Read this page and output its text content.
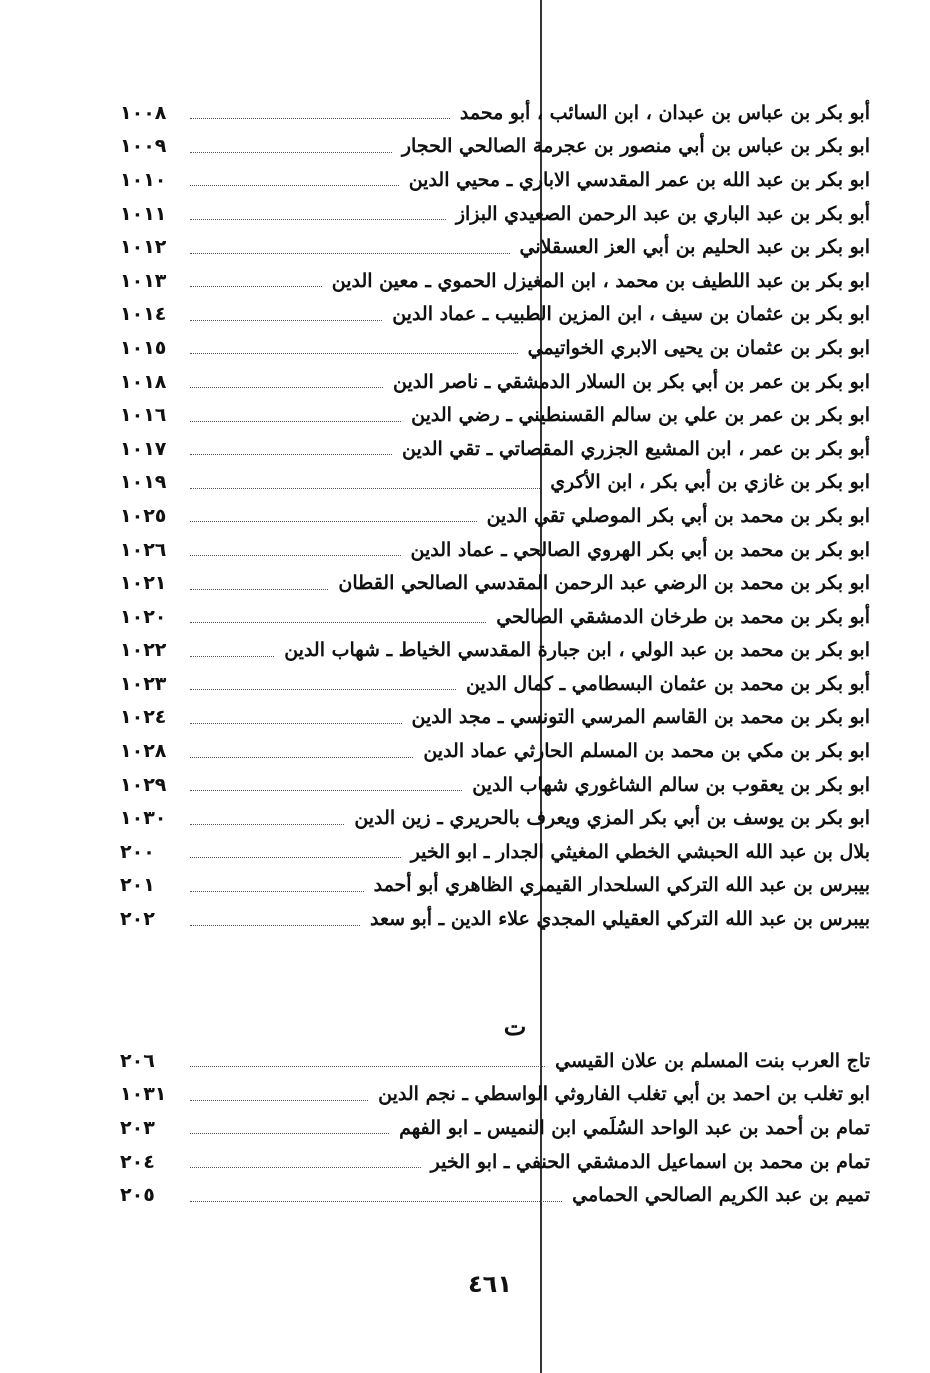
أبو بكر بن عباس بن عبدان ، ابن السائب ، أبو محمد
١٠٠٨
ابو بكر بن عباس بن أبي منصور بن عجرمة الصالحي الحجار
١٠٠٩
ابو بكر بن عبد الله بن عمر المقدسي الاباري ـ محيي الدين
١٠١٠
أبو بكر بن عبد الباري بن عبد الرحمن الصعيدي البزاز
١٠١١
ابو بكر بن عبد الحليم بن أبي العز العسقلاني
١٠١٢
ابو بكر بن عبد اللطيف بن محمد ، ابن المغيزل الحموي ـ معين الدين
١٠١٣
ابو بكر بن عثمان بن سيف ، ابن المزين الطبيب ـ عماد الدين
١٠١٤
ابو بكر بن عثمان بن يحيى الابري الخواتيمي
١٠١٥
ابو بكر بن عمر بن أبي بكر بن السلار الدمشقي ـ ناصر الدين
١٠١٨
ابو بكر بن عمر بن علي بن سالم القسنطيني ـ رضي الدين
١٠١٦
أبو بكر بن عمر ، ابن المشيع الجزري المقصاتي ـ تقي الدين
١٠١٧
ابو بكر بن غازي بن أبي بكر ، ابن الأكري
١٠١٩
ابو بكر بن محمد بن أبي بكر الموصلي تقي الدين
١٠٢٥
ابو بكر بن محمد بن أبي بكر الهروي الصالحي ـ عماد الدين
١٠٢٦
ابو بكر بن محمد بن الرضي عبد الرحمن المقدسي الصالحي القطان
١٠٢١
أبو بكر بن محمد بن طرخان الدمشقي الصالحي
١٠٢٠
ابو بكر بن محمد بن عبد الولي ، ابن جبارة المقدسي الخياط ـ شهاب الدين
١٠٢٢
أبو بكر بن محمد بن عثمان البسطامي ـ كمال الدين
١٠٢٣
ابو بكر بن محمد بن القاسم المرسي التونسي ـ مجد الدين
١٠٢٤
ابو بكر بن مكي بن محمد بن المسلم الحارثي عماد الدين
١٠٢٨
ابو بكر بن يعقوب بن سالم الشاغوري شهاب الدين
١٠٢٩
ابو بكر بن يوسف بن أبي بكر المزي ويعرف بالحريري ـ زين الدين
١٠٣٠
بلال بن عبد الله الحبشي الخطي المغيثي الجدار ـ ابو الخير
٢٠٠
بيبرس بن عبد الله التركي السلحدار القيمري الظاهري أبو أحمد
٢٠١
بيبرس بن عبد الله التركي العقيلي المجدي علاء الدين ـ أبو سعد
٢٠٢
ت
تاج العرب بنت المسلم بن علان القيسي
٢٠٦
ابو تغلب بن احمد بن أبي تغلب الفاروثي الواسطي ـ نجم الدين
١٠٣١
تمام بن أحمد بن عبد الواحد السُلَمي ابن النميس ـ ابو الفهم
٢٠٣
تمام بن محمد بن اسماعيل الدمشقي الحنفي ـ ابو الخير
٢٠٤
تميم بن عبد الكريم الصالحي الحمامي
٢٠٥
٤٦١
